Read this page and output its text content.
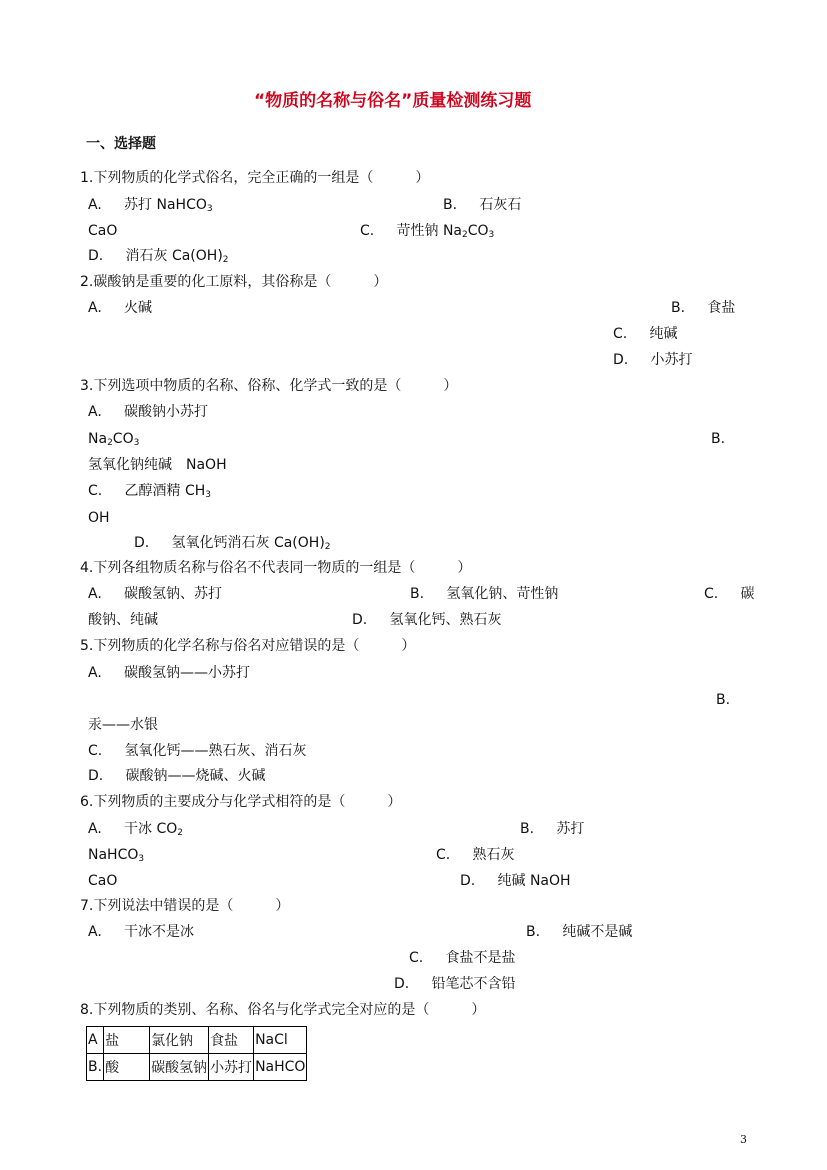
“物质的名称与俗名”质量检测练习题
一、选择题
1.下列物质的化学式俗名，完全正确的一组是（　　　）
A. 苏打 NaHCO$_3$	B. 石灰石
CaO	C. 苛性钠 $Na_2CO_3$
D. 消石灰 $Ca(OH)_2$
2.碳酸钠是重要的化工原料，其俗称是（　　　）
A. 火碱	B. 食盐
C. 纯碱
D. 小苏打
3.下列选项中物质的名称、俗称、化学式一致的是（　　　）
A. 碳酸钠小苏打
$Na_2CO_3$	B.
氢氧化钠纯碱　NaOH
C. 乙醇酒精 $CH_3$
OH
D. 氢氧化钙消石灰 $Ca(OH)_2$
4.下列各组物质名称与俗名不代表同一物质的一组是（　　　）
A. 碳酸氢钠、苏打	B. 氢氧化钠、苛性钠	C. 碳
酸钠、纯碱	D. 氢氧化钙、熟石灰
5.下列物质的化学名称与俗名对应错误的是（　　　）
A. 碳酸氢钠——小苏打
B.
汞——水银
C. 氢氧化钙——熟石灰、消石灰
D. 碳酸钠——烧碱、火碱
6.下列物质的主要成分与化学式相符的是（　　　）
A. 干冰 $CO_2$	B. 苏打
NaHCO$_3$	C. 熟石灰
CaO	D. 纯碱 NaOH
7.下列说法中错误的是（　　　）
A. 干冰不是冰	B. 纯碱不是碱
C. 食盐不是盐
D. 铅笔芯不含铅
8.下列物质的类别、名称、俗名与化学式完全对应的是（　　　）
A	盐	氯化钠	食盐	NaCl
B.	酸	碳酸氢钠	小苏打	NaHCO
3
